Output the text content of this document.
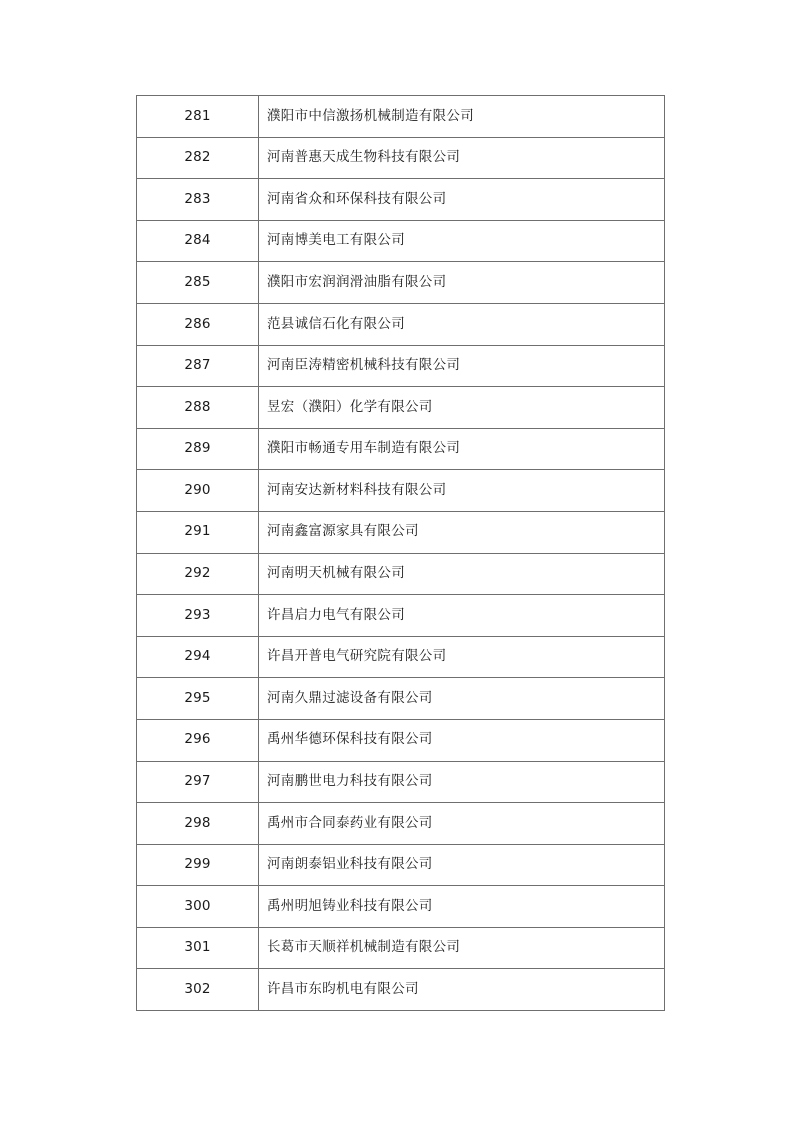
281	濮阳市中信激扬机械制造有限公司
282	河南普惠天成生物科技有限公司
283	河南省众和环保科技有限公司
284	河南博美电工有限公司
285	濮阳市宏润润滑油脂有限公司
286	范县诚信石化有限公司
287	河南臣涛精密机械科技有限公司
288	昱宏（濮阳）化学有限公司
289	濮阳市畅通专用车制造有限公司
290	河南安达新材料科技有限公司
291	河南鑫富源家具有限公司
292	河南明天机械有限公司
293	许昌启力电气有限公司
294	许昌开普电气研究院有限公司
295	河南久鼎过滤设备有限公司
296	禹州华德环保科技有限公司
297	河南鹏世电力科技有限公司
298	禹州市合同泰药业有限公司
299	河南朗泰铝业科技有限公司
300	禹州明旭铸业科技有限公司
301	长葛市天顺祥机械制造有限公司
302	许昌市东昀机电有限公司
